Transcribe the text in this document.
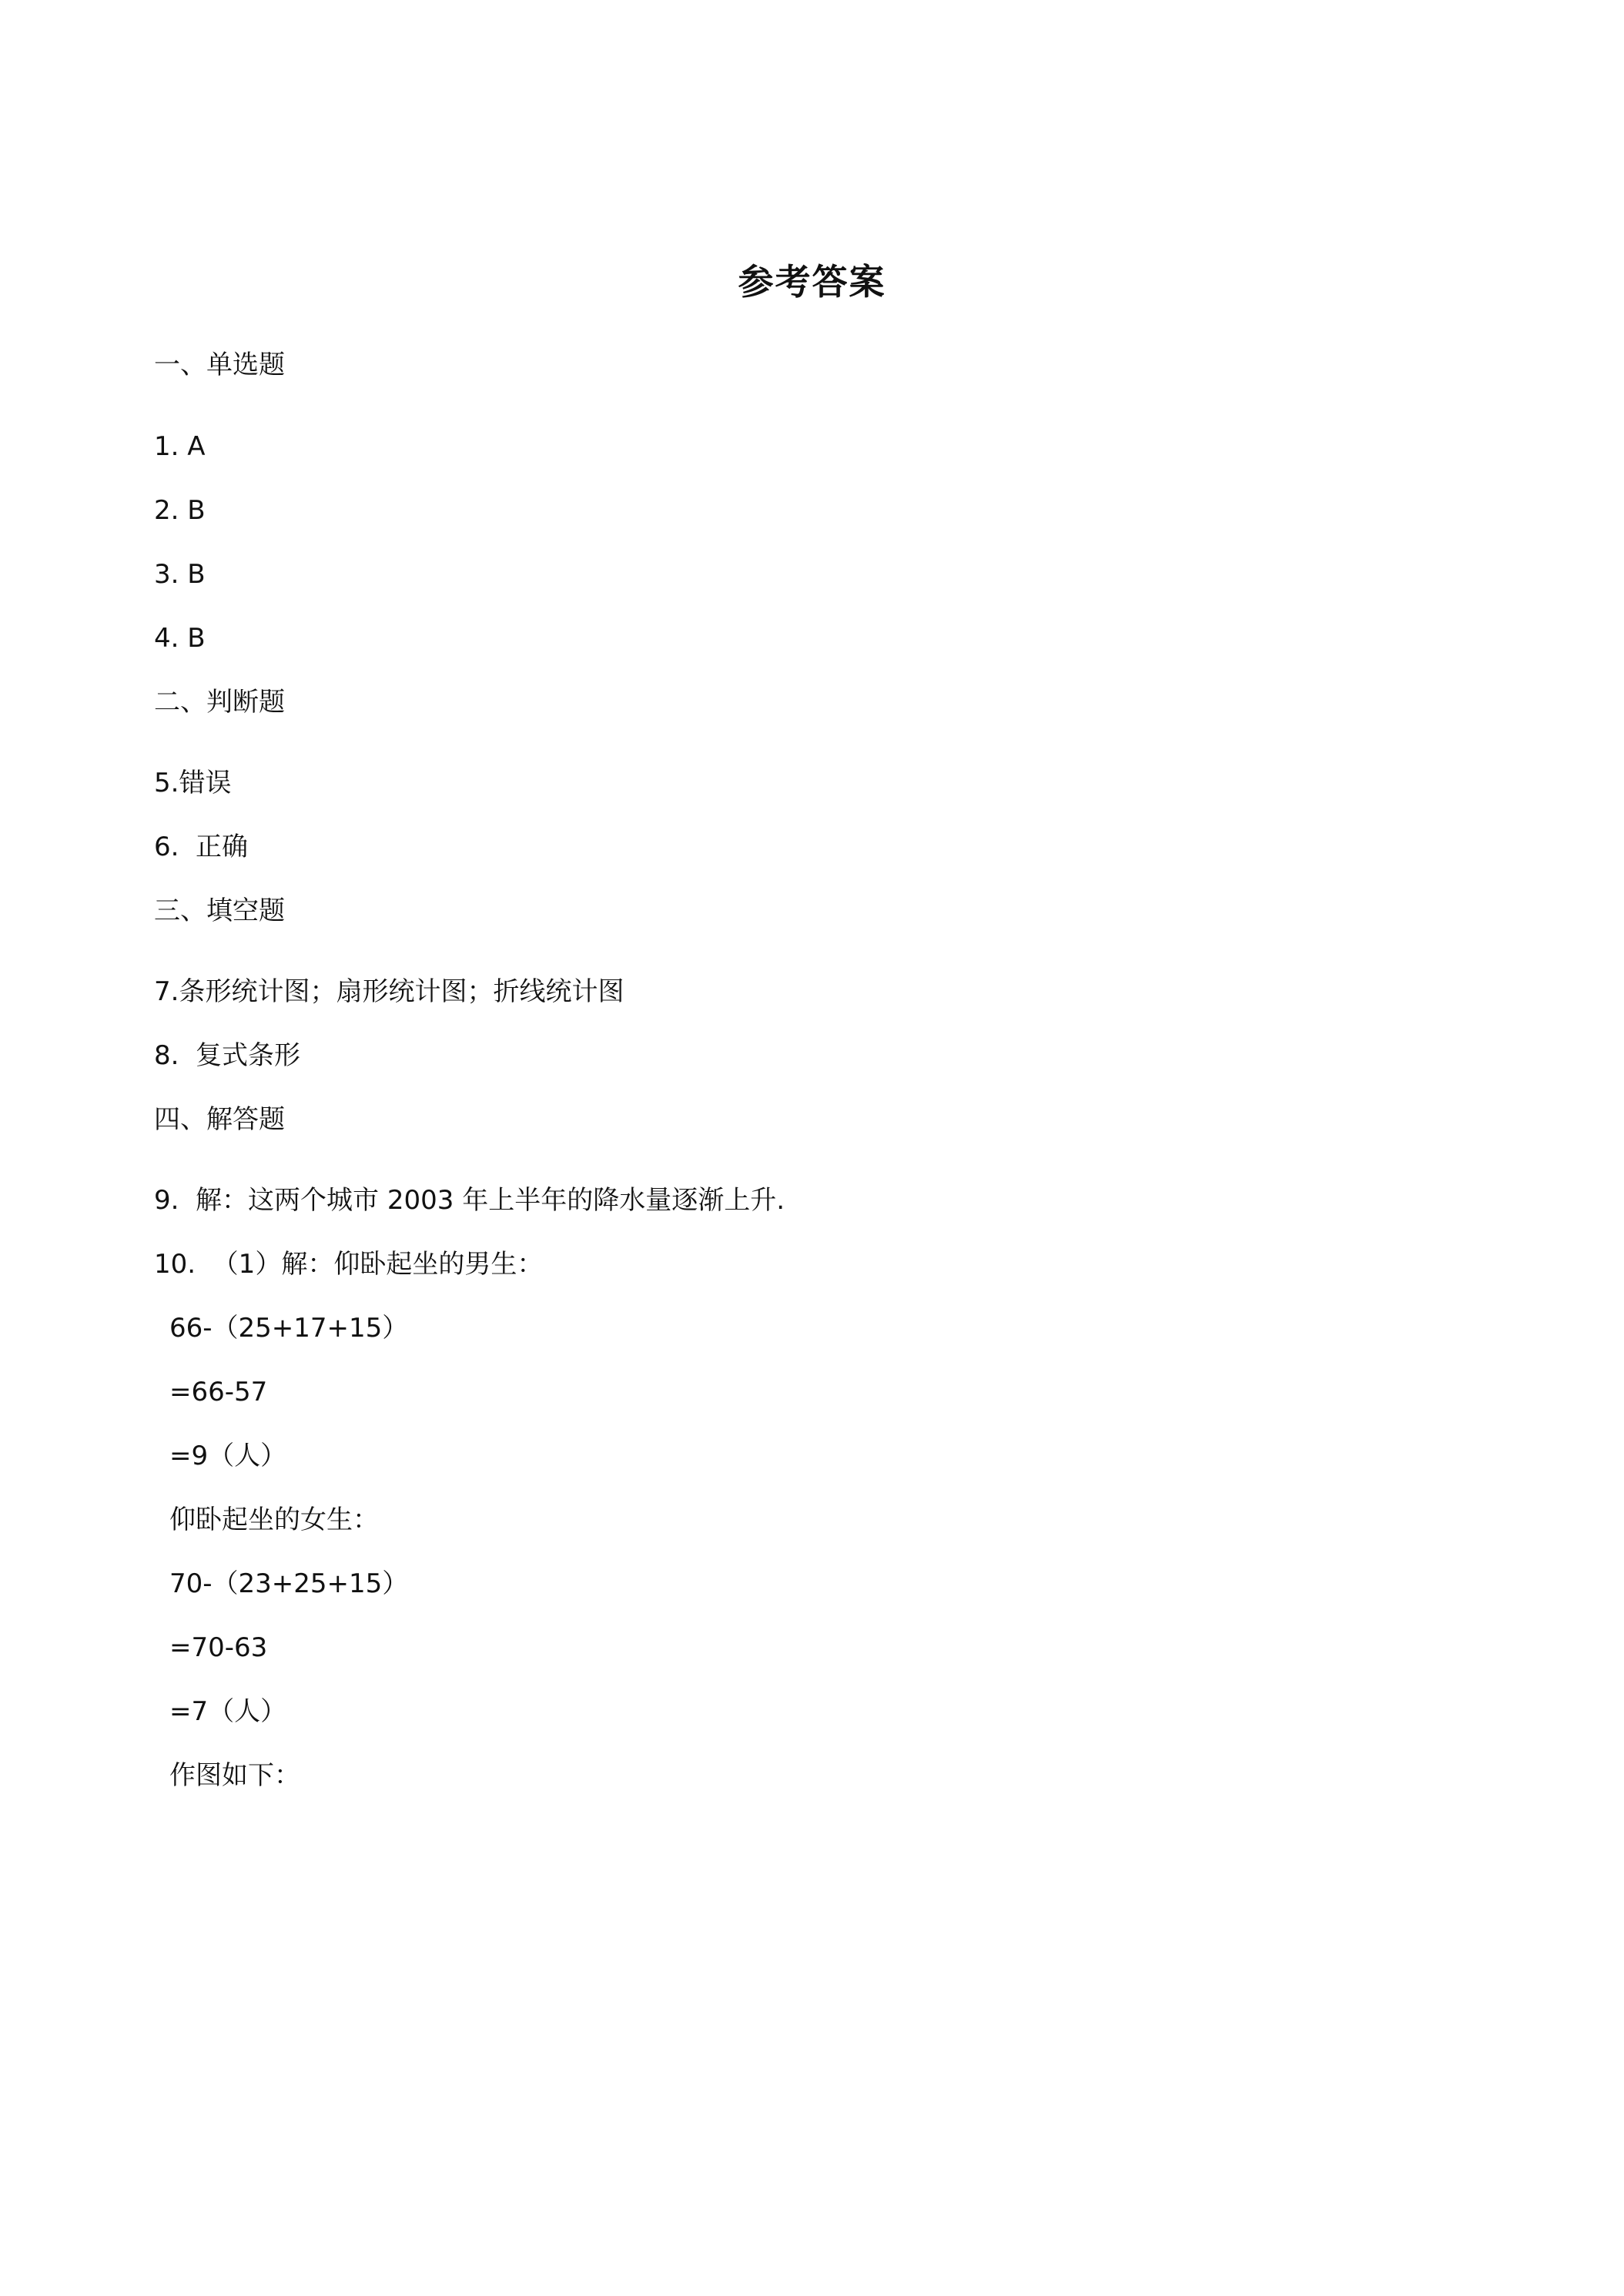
参考答案
一、单选题
1. A
2. B
3. B
4. B
二、判断题
5.错误
6.  正确
三、填空题
7.条形统计图；扇形统计图；折线统计图
8.  复式条形
四、解答题
9.  解：这两个城市 2003 年上半年的降水量逐渐上升.
10.  （1）解：仰卧起坐的男生：
66-（25+17+15）
=66-57
=9（人）
仰卧起坐的女生：
70-（23+25+15）
=70-63
=7（人）
作图如下：
